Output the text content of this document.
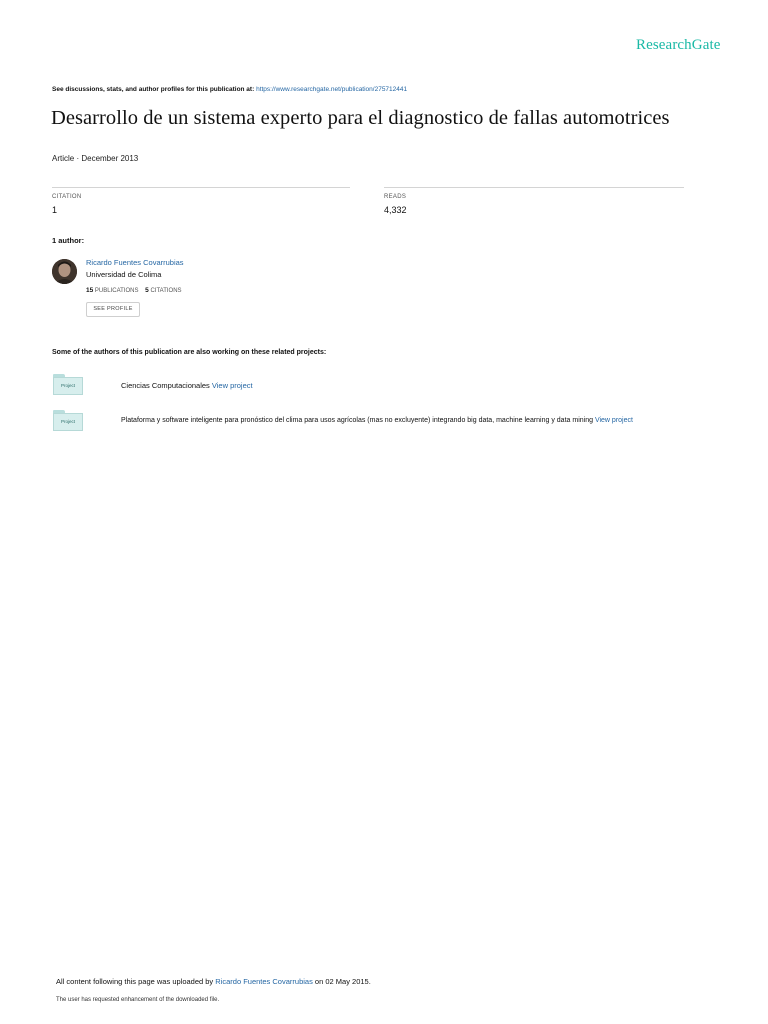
ResearchGate
See discussions, stats, and author profiles for this publication at: https://www.researchgate.net/publication/275712441
Desarrollo de un sistema experto para el diagnostico de fallas automotrices
Article · December 2013
CITATION
1
READS
4,332
1 author:
Ricardo Fuentes Covarrubias
Universidad de Colima
15 PUBLICATIONS 5 CITATIONS
SEE PROFILE
Some of the authors of this publication are also working on these related projects:
Project	Ciencias Computacionales View project
Project	Plataforma y software inteligente para pronóstico del clima para usos agrícolas (mas no excluyente) integrando big data, machine learning y data mining View project
All content following this page was uploaded by Ricardo Fuentes Covarrubias on 02 May 2015.
The user has requested enhancement of the downloaded file.
